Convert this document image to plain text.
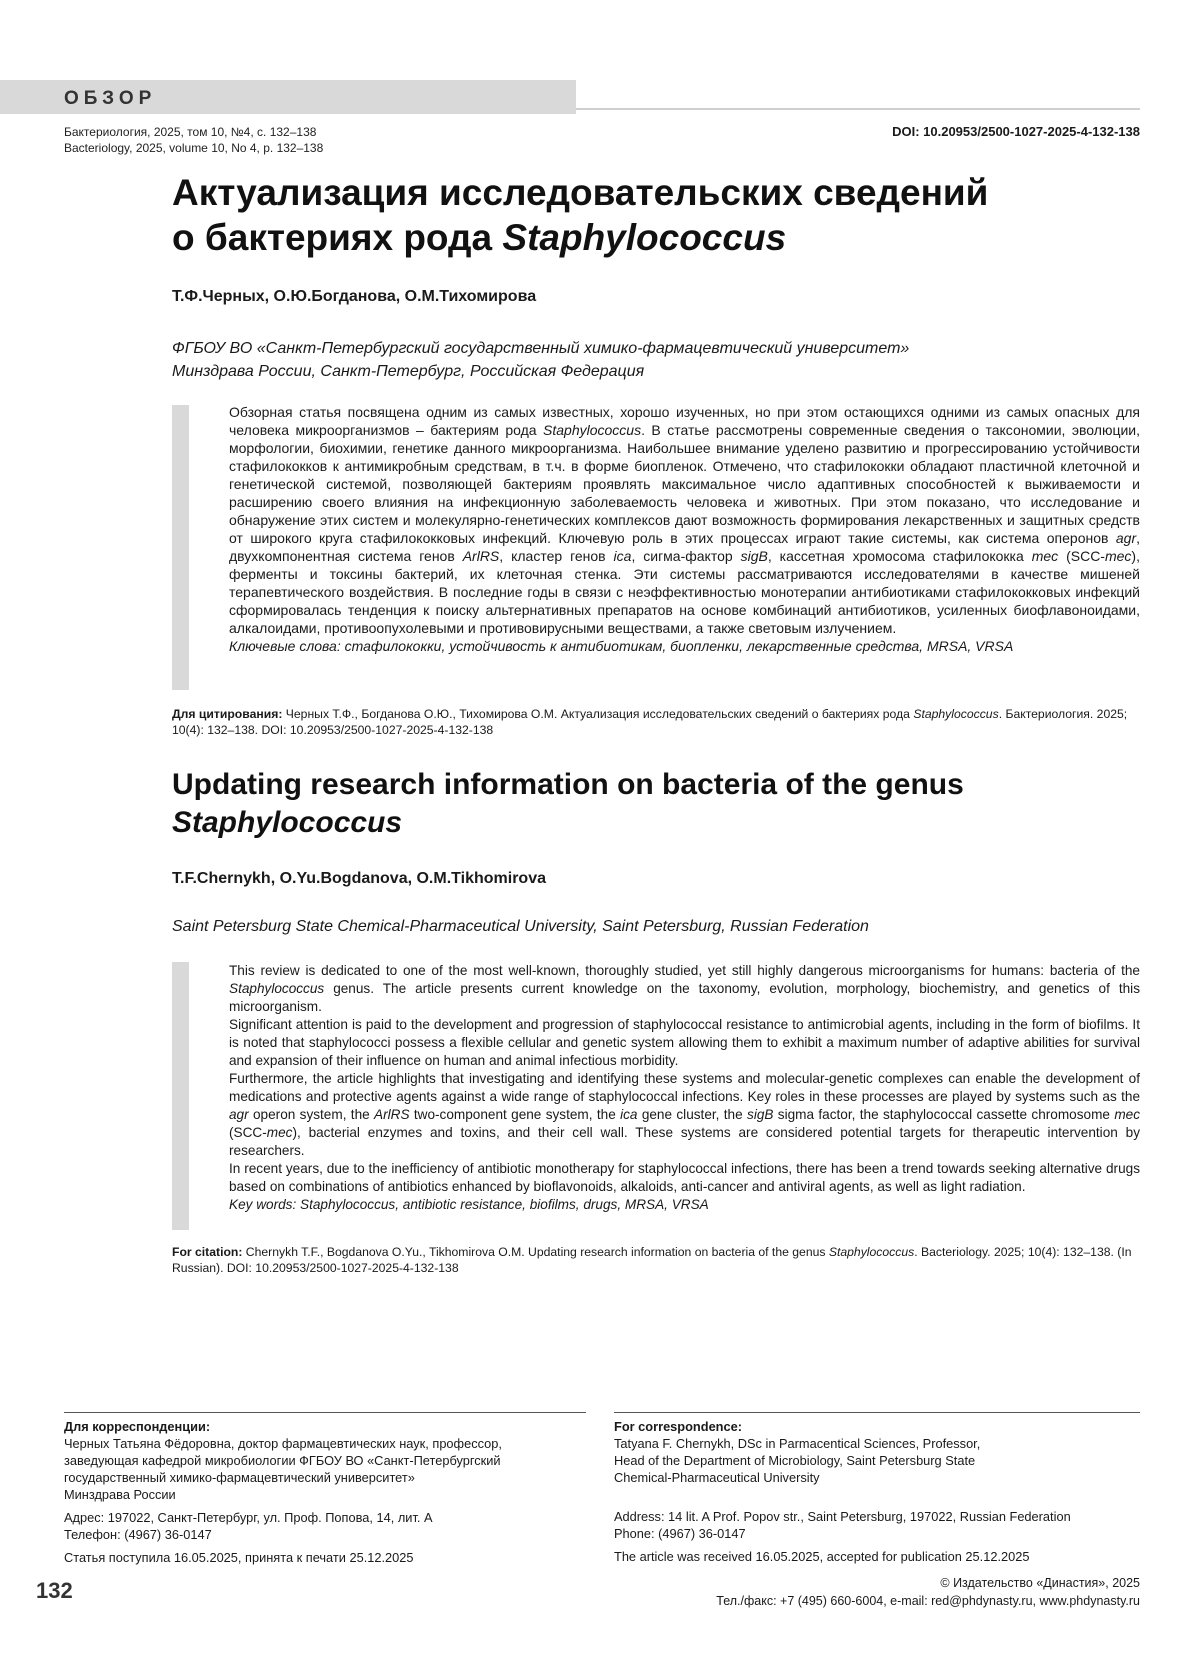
ОБЗОР
Бактериология, 2025, том 10, №4, с. 132–138
Bacteriology, 2025, volume 10, No 4, p. 132–138
DOI: 10.20953/2500-1027-2025-4-132-138
Актуализация исследовательских сведений
о бактериях рода Staphylococcus
Т.Ф.Черных, О.Ю.Богданова, О.М.Тихомирова
ФГБОУ ВО «Санкт-Петербургский государственный химико-фармацевтический университет»
Минздрава России, Санкт-Петербург, Российская Федерация

Обзорная статья посвящена одним из самых известных, хорошо изученных, но при этом остающихся одними из самых опасных для человека микроорганизмов – бактериям рода Staphylococcus. В статье рассмотрены современные сведения о таксономии, эволюции, морфологии, биохимии, генетике данного микроорганизма. Наибольшее внимание уделено развитию и прогрессированию устойчивости стафилококков к антимикробным средствам, в т.ч. в форме биопленок. Отмечено, что стафилококки обладают пластичной клеточной и генетической системой, позволяющей бактериям проявлять максимальное число адаптивных способностей к выживаемости и расширению своего влияния на инфекционную заболеваемость человека и животных. При этом показано, что исследование и обнаружение этих систем и молекулярно-генетических комплексов дают возможность формирования лекарственных и защитных средств от широкого круга стафилококковых инфекций. Ключевую роль в этих процессах играют такие системы, как система оперонов agr, двухкомпонентная система генов ArlRS, кластер генов ica, сигма-фактор sigB, кассетная хромосома стафилококка mec (SCC-mec), ферменты и токсины бактерий, их клеточная стенка. Эти системы рассматриваются исследователями в качестве мишеней терапевтического воздействия. В последние годы в связи с неэффективностью монотерапии антибиотиками стафилококковых инфекций сформировалась тенденция к поиску альтернативных препаратов на основе комбинаций антибиотиков, усиленных биофлавоноидами, алкалоидами, противоопухолевыми и противовирусными веществами, а также световым излучением.

Ключевые слова: стафилококки, устойчивость к антибиотикам, биопленки, лекарственные средства, MRSA, VRSA

Для цитирования: Черных Т.Ф., Богданова О.Ю., Тихомирова О.М. Актуализация исследовательских сведений о бактериях рода Staphylococcus. Бактериология. 2025; 10(4): 132–138. DOI: 10.20953/2500-1027-2025-4-132-138
Updating research information on bacteria of the genus
Staphylococcus
T.F.Chernykh, O.Yu.Bogdanova, O.M.Tikhomirova
Saint Petersburg State Chemical-Pharmaceutical University, Saint Petersburg, Russian Federation

This review is dedicated to one of the most well-known, thoroughly studied, yet still highly dangerous microorganisms for humans: bacteria of the Staphylococcus genus. The article presents current knowledge on the taxonomy, evolution, morphology, biochemistry, and genetics of this microorganism.

Significant attention is paid to the development and progression of staphylococcal resistance to antimicrobial agents, including in the form of biofilms. It is noted that staphylococci possess a flexible cellular and genetic system allowing them to exhibit a maximum number of adaptive abilities for survival and expansion of their influence on human and animal infectious morbidity.

Furthermore, the article highlights that investigating and identifying these systems and molecular-genetic complexes can enable the development of medications and protective agents against a wide range of staphylococcal infections. Key roles in these processes are played by systems such as the agr operon system, the ArlRS two-component gene system, the ica gene cluster, the sigB sigma factor, the staphylococcal cassette chromosome mec (SCC-mec), bacterial enzymes and toxins, and their cell wall. These systems are considered potential targets for therapeutic intervention by researchers.

In recent years, due to the inefficiency of antibiotic monotherapy for staphylococcal infections, there has been a trend towards seeking alternative drugs based on combinations of antibiotics enhanced by bioflavonoids, alkaloids, anti-cancer and antiviral agents, as well as light radiation.

Key words: Staphylococcus, antibiotic resistance, biofilms, drugs, MRSA, VRSA

For citation: Chernykh T.F., Bogdanova O.Yu., Tikhomirova O.M. Updating research information on bacteria of the genus Staphylococcus. Bacteriology. 2025; 10(4): 132–138. (In Russian). DOI: 10.20953/2500-1027-2025-4-132-138

Для корреспонденции:

Черных Татьяна Фёдоровна, доктор фармацевтических наук, профессор,

заведующая кафедрой микробиологии ФГБОУ ВО «Санкт-Петербургский

государственный химико-фармацевтический университет»

Минздрава России

Адрес: 197022, Санкт-Петербург, ул. Проф. Попова, 14, лит. А

Телефон: (4967) 36-0147

Статья поступила 16.05.2025, принята к печати 25.12.2025

For correspondence:

Tatyana F. Chernykh, DSc in Parmacentical Sciences, Professor,

Head of the Department of Microbiology, Saint Petersburg State

Chemical-Pharmaceutical University

Address: 14 lit. A Prof. Popov str., Saint Petersburg, 197022, Russian Federation

Phone: (4967) 36-0147

The article was received 16.05.2025, accepted for publication 25.12.2025

132	© Издательство «Династия», 2025
Тел./факс: +7 (495) 660-6004, e-mail: red@phdynasty.ru, www.phdynasty.ru
